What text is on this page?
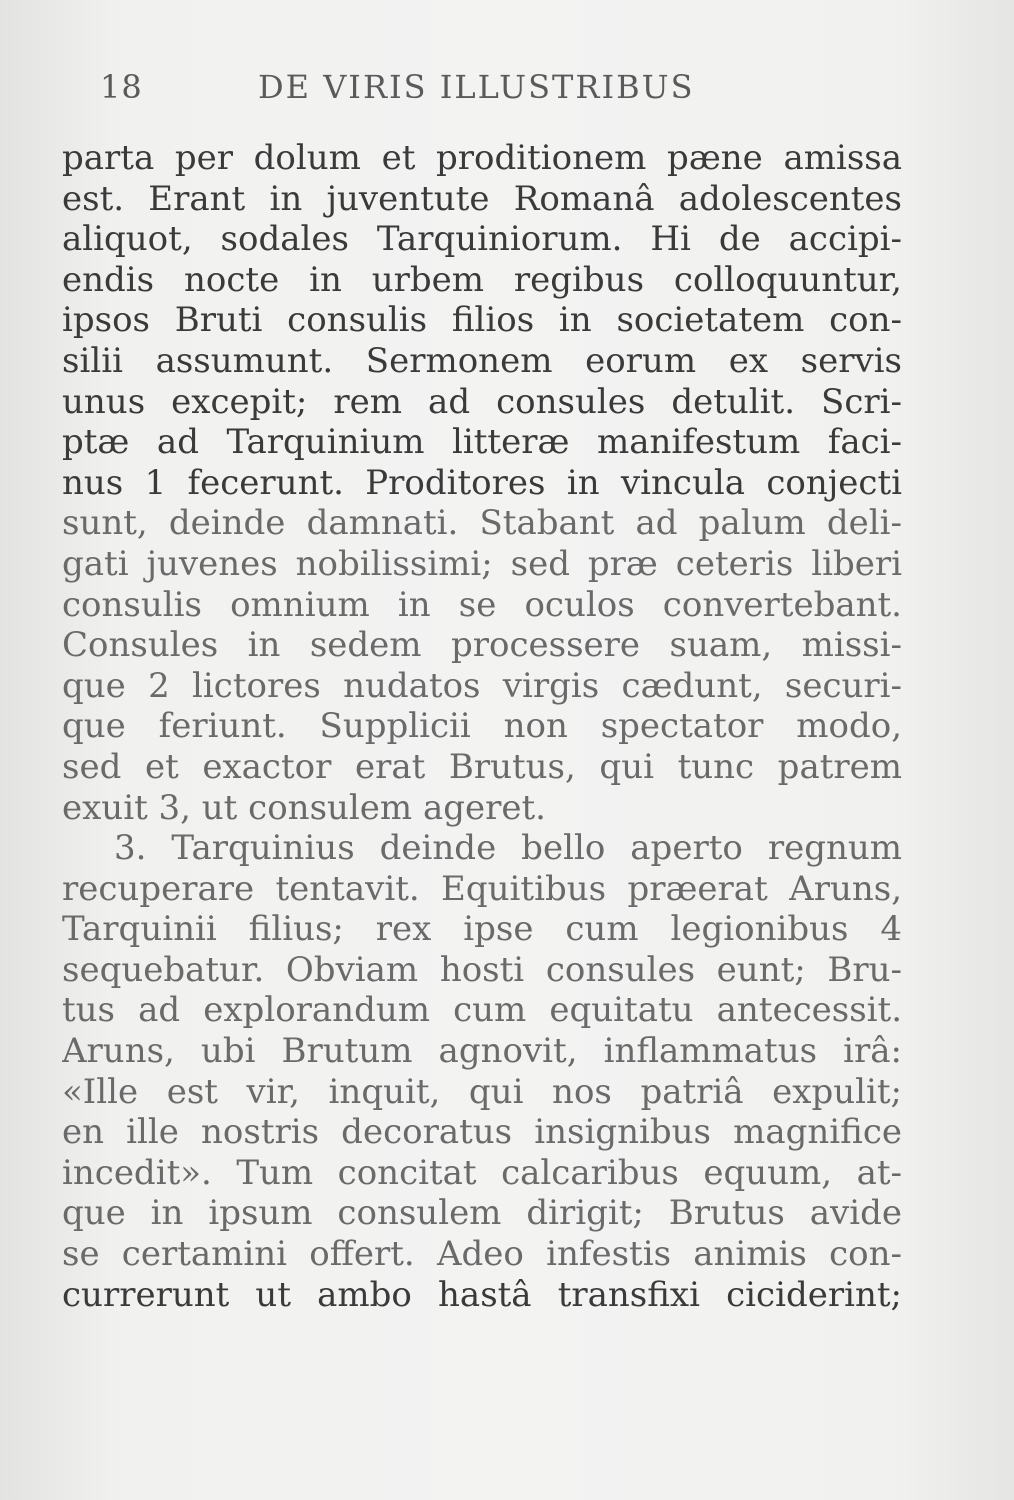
18	DE VIRIS ILLUSTRIBUS
parta per dolum et proditionem pæne amissa
est. Erant in juventute Romanâ adolescentes
aliquot, sodales Tarquiniorum. Hi de accipi-
endis nocte in urbem regibus colloquuntur,
ipsos Bruti consulis filios in societatem con-
silii assumunt. Sermonem eorum ex servis
unus excepit; rem ad consules detulit. Scri-
ptæ ad Tarquinium litteræ manifestum faci-
nus 1 fecerunt. Proditores in vincula conjecti
sunt, deinde damnati. Stabant ad palum deli-
gati juvenes nobilissimi; sed præ ceteris liberi
consulis omnium in se oculos convertebant.
Consules in sedem processere suam, missi-
que 2 lictores nudatos virgis cædunt, securi-
que feriunt. Supplicii non spectator modo,
sed et exactor erat Brutus, qui tunc patrem
exuit 3, ut consulem ageret.
3. Tarquinius deinde bello aperto regnum
recuperare tentavit. Equitibus præerat Aruns,
Tarquinii filius; rex ipse cum legionibus 4
sequebatur. Obviam hosti consules eunt; Bru-
tus ad explorandum cum equitatu antecessit.
Aruns, ubi Brutum agnovit, inflammatus irâ:
«Ille est vir, inquit, qui nos patriâ expulit;
en ille nostris decoratus insignibus magnifice
incedit». Tum concitat calcaribus equum, at-
que in ipsum consulem dirigit; Brutus avide
se certamini offert. Adeo infestis animis con-
currerunt ut ambo hastâ transfixi ciciderint;
